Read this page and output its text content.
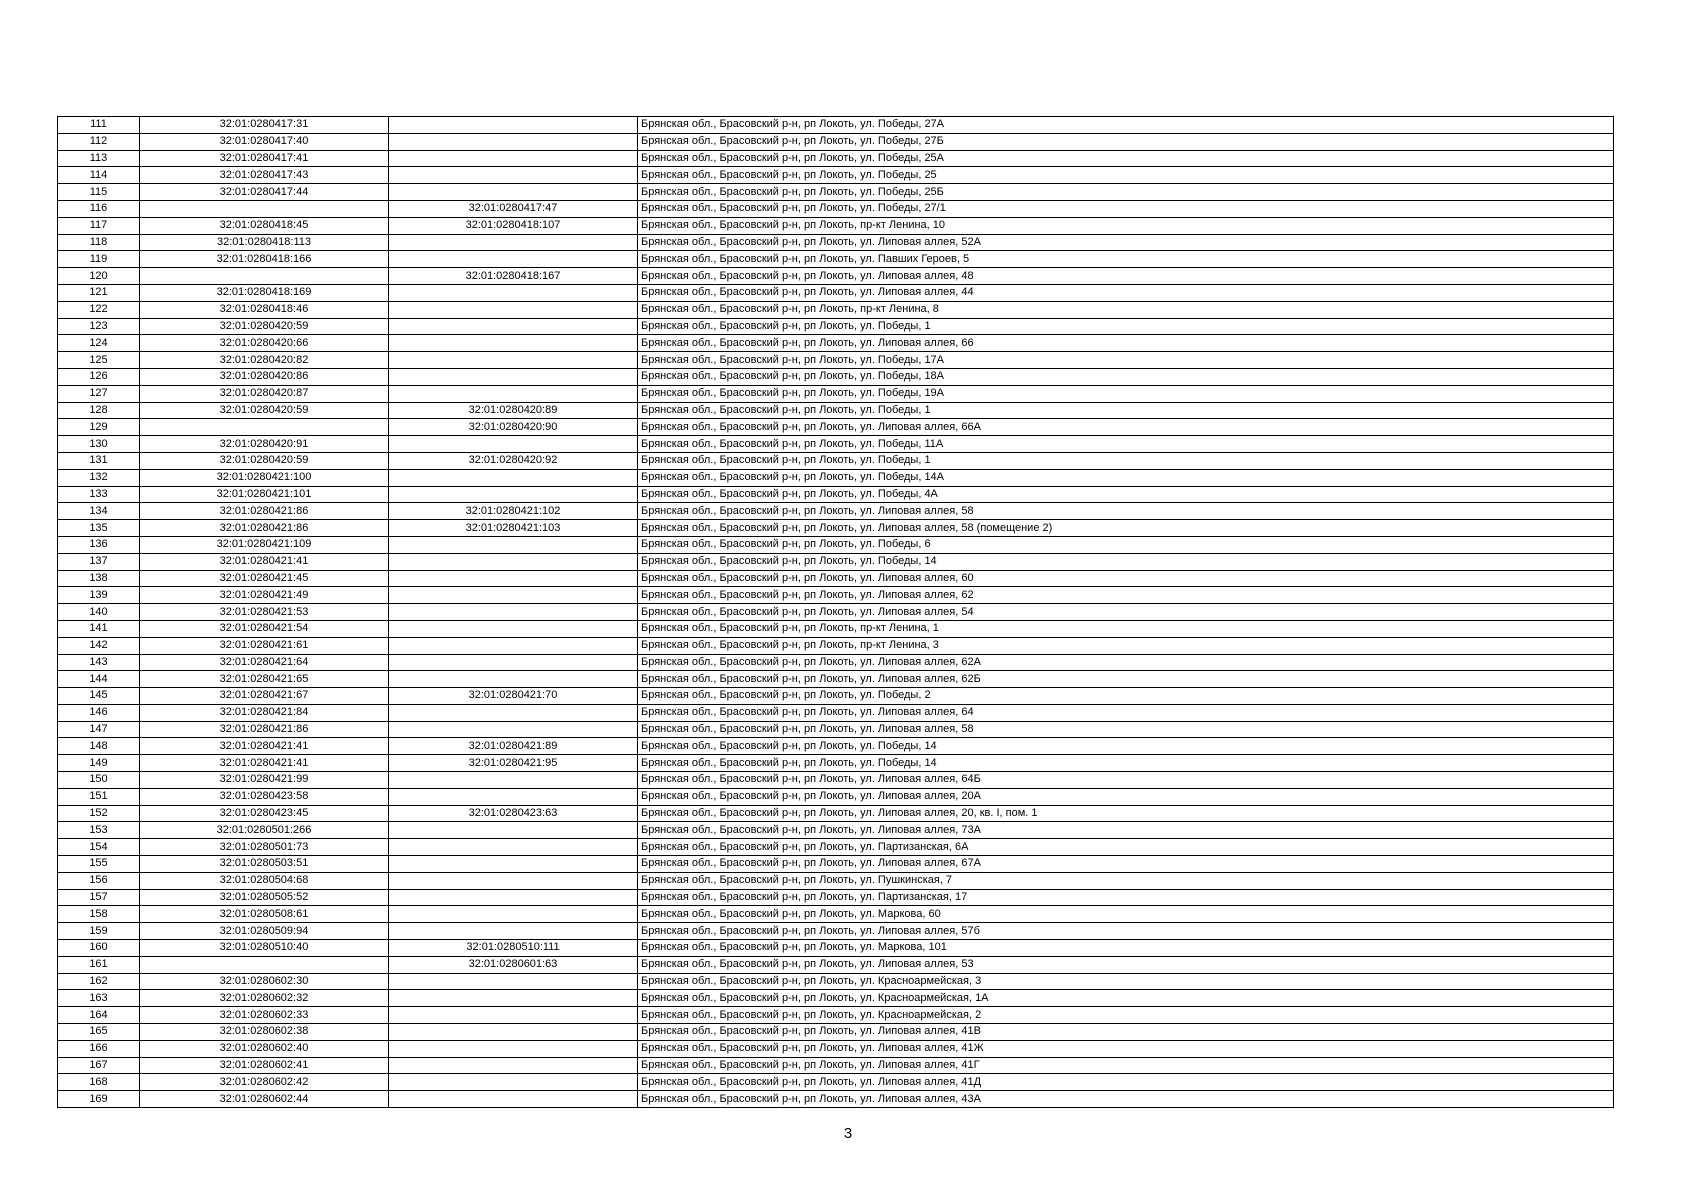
111	32:01:0280417:31		Брянская обл., Брасовский р-н, рп Локоть, ул. Победы, 27А
112	32:01:0280417:40		Брянская обл., Брасовский р-н, рп Локоть, ул. Победы, 27Б
113	32:01:0280417:41		Брянская обл., Брасовский р-н, рп Локоть, ул. Победы, 25А
114	32:01:0280417:43		Брянская обл., Брасовский р-н, рп Локоть, ул. Победы, 25
115	32:01:0280417:44		Брянская обл., Брасовский р-н, рп Локоть, ул. Победы, 25Б
116		32:01:0280417:47	Брянская обл., Брасовский р-н, рп Локоть, ул. Победы, 27/1
117	32:01:0280418:45	32:01:0280418:107	Брянская обл., Брасовский р-н, рп Локоть, пр-кт Ленина, 10
118	32:01:0280418:113		Брянская обл., Брасовский р-н, рп Локоть, ул. Липовая аллея, 52А
119	32:01:0280418:166		Брянская обл., Брасовский р-н, рп Локоть, ул. Павших Героев, 5
120		32:01:0280418:167	Брянская обл., Брасовский р-н, рп Локоть, ул. Липовая аллея, 48
121	32:01:0280418:169		Брянская обл., Брасовский р-н, рп Локоть, ул. Липовая аллея, 44
122	32:01:0280418:46		Брянская обл., Брасовский р-н, рп Локоть, пр-кт Ленина, 8
123	32:01:0280420:59		Брянская обл., Брасовский р-н, рп Локоть, ул. Победы, 1
124	32:01:0280420:66		Брянская обл., Брасовский р-н, рп Локоть, ул. Липовая аллея, 66
125	32:01:0280420:82		Брянская обл., Брасовский р-н, рп Локоть, ул. Победы, 17А
126	32:01:0280420:86		Брянская обл., Брасовский р-н, рп Локоть, ул. Победы, 18А
127	32:01:0280420:87		Брянская обл., Брасовский р-н, рп Локоть, ул. Победы, 19А
128	32:01:0280420:59	32:01:0280420:89	Брянская обл., Брасовский р-н, рп Локоть, ул. Победы, 1
129		32:01:0280420:90	Брянская обл., Брасовский р-н, рп Локоть, ул. Липовая аллея, 66А
130	32:01:0280420:91		Брянская обл., Брасовский р-н, рп Локоть, ул. Победы, 11А
131	32:01:0280420:59	32:01:0280420:92	Брянская обл., Брасовский р-н, рп Локоть, ул. Победы, 1
132	32:01:0280421:100		Брянская обл., Брасовский р-н, рп Локоть, ул. Победы, 14А
133	32:01:0280421:101		Брянская обл., Брасовский р-н, рп Локоть, ул. Победы, 4А
134	32:01:0280421:86	32:01:0280421:102	Брянская обл., Брасовский р-н, рп Локоть, ул. Липовая аллея, 58
135	32:01:0280421:86	32:01:0280421:103	Брянская обл., Брасовский р-н, рп Локоть, ул. Липовая аллея, 58 (помещение 2)
136	32:01:0280421:109		Брянская обл., Брасовский р-н, рп Локоть, ул. Победы, 6
137	32:01:0280421:41		Брянская обл., Брасовский р-н, рп Локоть, ул. Победы, 14
138	32:01:0280421:45		Брянская обл., Брасовский р-н, рп Локоть, ул. Липовая аллея, 60
139	32:01:0280421:49		Брянская обл., Брасовский р-н, рп Локоть, ул. Липовая аллея, 62
140	32:01:0280421:53		Брянская обл., Брасовский р-н, рп Локоть, ул. Липовая аллея, 54
141	32:01:0280421:54		Брянская обл., Брасовский р-н, рп Локоть, пр-кт Ленина, 1
142	32:01:0280421:61		Брянская обл., Брасовский р-н, рп Локоть, пр-кт Ленина, 3
143	32:01:0280421:64		Брянская обл., Брасовский р-н, рп Локоть, ул. Липовая аллея, 62А
144	32:01:0280421:65		Брянская обл., Брасовский р-н, рп Локоть, ул. Липовая аллея, 62Б
145	32:01:0280421:67	32:01:0280421:70	Брянская обл., Брасовский р-н, рп Локоть, ул. Победы, 2
146	32:01:0280421:84		Брянская обл., Брасовский р-н, рп Локоть, ул. Липовая аллея, 64
147	32:01:0280421:86		Брянская обл., Брасовский р-н, рп Локоть, ул. Липовая аллея, 58
148	32:01:0280421:41	32:01:0280421:89	Брянская обл., Брасовский р-н, рп Локоть, ул. Победы, 14
149	32:01:0280421:41	32:01:0280421:95	Брянская обл., Брасовский р-н, рп Локоть, ул. Победы, 14
150	32:01:0280421:99		Брянская обл., Брасовский р-н, рп Локоть, ул. Липовая аллея, 64Б
151	32:01:0280423:58		Брянская обл., Брасовский р-н, рп Локоть, ул. Липовая аллея, 20А
152	32:01:0280423:45	32:01:0280423:63	Брянская обл., Брасовский р-н, рп Локоть, ул. Липовая аллея, 20, кв. I, пом. 1
153	32:01:0280501:266		Брянская обл., Брасовский р-н, рп Локоть, ул. Липовая аллея, 73А
154	32:01:0280501:73		Брянская обл., Брасовский р-н, рп Локоть, ул. Партизанская, 6А
155	32:01:0280503:51		Брянская обл., Брасовский р-н, рп Локоть, ул. Липовая аллея, 67А
156	32:01:0280504:68		Брянская обл., Брасовский р-н, рп Локоть, ул. Пушкинская, 7
157	32:01:0280505:52		Брянская обл., Брасовский р-н, рп Локоть, ул. Партизанская, 17
158	32:01:0280508:61		Брянская обл., Брасовский р-н, рп Локоть, ул. Маркова, 60
159	32:01:0280509:94		Брянская обл., Брасовский р-н, рп Локоть, ул. Липовая аллея, 57б
160	32:01:0280510:40	32:01:0280510:111	Брянская обл., Брасовский р-н, рп Локоть, ул. Маркова, 101
161		32:01:0280601:63	Брянская обл., Брасовский р-н, рп Локоть, ул. Липовая аллея, 53
162	32:01:0280602:30		Брянская обл., Брасовский р-н, рп Локоть, ул. Красноармейская, 3
163	32:01:0280602:32		Брянская обл., Брасовский р-н, рп Локоть, ул. Красноармейская, 1А
164	32:01:0280602:33		Брянская обл., Брасовский р-н, рп Локоть, ул. Красноармейская, 2
165	32:01:0280602:38		Брянская обл., Брасовский р-н, рп Локоть, ул. Липовая аллея, 41В
166	32:01:0280602:40		Брянская обл., Брасовский р-н, рп Локоть, ул. Липовая аллея, 41Ж
167	32:01:0280602:41		Брянская обл., Брасовский р-н, рп Локоть, ул. Липовая аллея, 41Г
168	32:01:0280602:42		Брянская обл., Брасовский р-н, рп Локоть, ул. Липовая аллея, 41Д
169	32:01:0280602:44		Брянская обл., Брасовский р-н, рп Локоть, ул. Липовая аллея, 43А
3
